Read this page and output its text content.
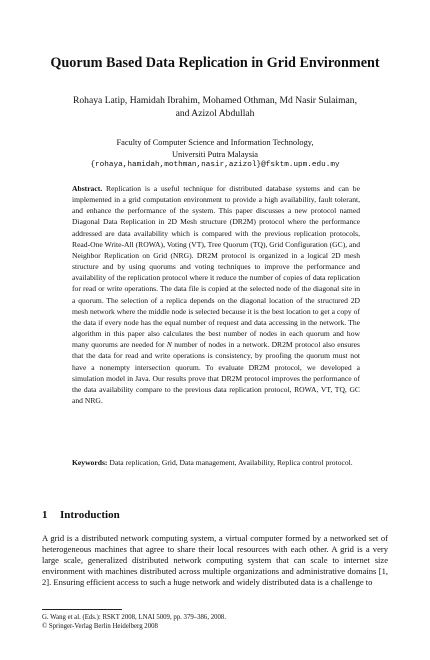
Quorum Based Data Replication in Grid Environment
Rohaya Latip, Hamidah Ibrahim, Mohamed Othman, Md Nasir Sulaiman,
and Azizol Abdullah
Faculty of Computer Science and Information Technology,
Universiti Putra Malaysia
{rohaya,hamidah,mothman,nasir,azizol}@fsktm.upm.edu.my

Abstract. Replication is a useful technique for distributed database systems and can be implemented in a grid computation environment to provide a high availability, fault tolerant, and enhance the performance of the system. This paper discusses a new protocol named Diagonal Data Replication in 2D Mesh structure (DR2M) protocol where the performance addressed are data availability which is compared with the previous replication protocols, Read-One Write-All (ROWA), Voting (VT), Tree Quorum (TQ), Grid Configuration (GC), and Neighbor Replication on Grid (NRG). DR2M protocol is organized in a logical 2D mesh structure and by using quorums and voting techniques to improve the performance and availability of the replication protocol where it reduce the number of copies of data replication for read or write operations. The data file is copied at the selected node of the diagonal site in a quorum. The selection of a replica depends on the diagonal location of the structured 2D mesh network where the middle node is selected because it is the best location to get a copy of the data if every node has the equal number of request and data accessing in the network. The algorithm in this paper also calculates the best number of nodes in each quorum and how many quorums are needed for N number of nodes in a network. DR2M protocol also ensures that the data for read and write operations is consistency, by proofing the quorum must not have a nonempty intersection quorum. To evaluate DR2M protocol, we developed a simulation model in Java. Our results prove that DR2M protocol improves the performance of the data availability compare to the previous data replication protocol, ROWA, VT, TQ, GC and NRG.

Keywords: Data replication, Grid, Data management, Availability, Replica control protocol.

1 Introduction

A grid is a distributed network computing system, a virtual computer formed by a networked set of heterogeneous machines that agree to share their local resources with each other. A grid is a very large scale, generalized distributed network computing system that can scale to internet size environment with machines distributed across multiple organizations and administrative domains [1, 2]. Ensuring efficient access to such a huge network and widely distributed data is a challenge to

G. Wang et al. (Eds.): RSKT 2008, LNAI 5009, pp. 379–386, 2008.
© Springer-Verlag Berlin Heidelberg 2008
